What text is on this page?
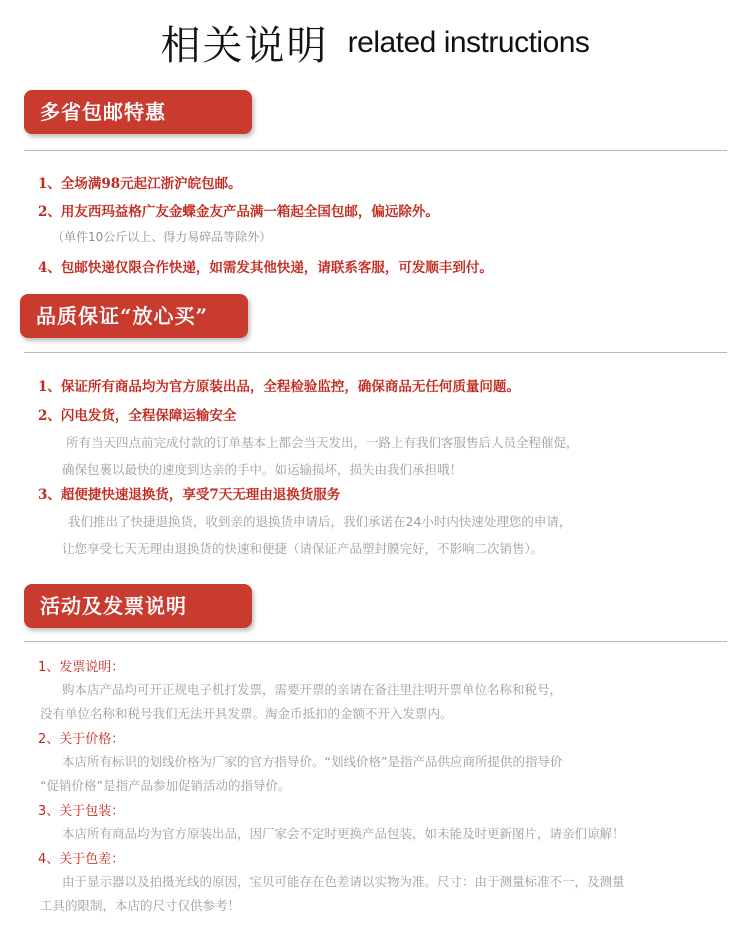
相关说明 related instructions
多省包邮特惠
1、全场满98元起江浙沪皖包邮。
2、用友西玛益格广友金蝶金友产品满一箱起全国包邮，偏远除外。
（单件10公斤以上、得力易碎品等除外）
4、包邮快递仅限合作快递，如需发其他快递，请联系客服，可发顺丰到付。
品质保证“放心买”
1、保证所有商品均为官方原装出品，全程检验监控，确保商品无任何质量问题。
2、闪电发货，全程保障运输安全
所有当天四点前完成付款的订单基本上都会当天发出，一路上有我们客服售后人员全程催促，
确保包裹以最快的速度到达亲的手中。如运输损坏，损失由我们承担哦！
3、超便捷快速退换货，享受7天无理由退换货服务
我们推出了快捷退换货，收到亲的退换货申请后，我们承诺在24小时内快速处理您的申请，
让您享受七天无理由退换货的快速和便捷（请保证产品塑封膜完好，不影响二次销售）。
活动及发票说明
1、发票说明：
购本店产品均可开正规电子机打发票，需要开票的亲请在备注里注明开票单位名称和税号，
没有单位名称和税号我们无法开具发票。淘金币抵扣的金额不开入发票内。
2、关于价格：
本店所有标识的划线价格为厂家的官方指导价。“划线价格”是指产品供应商所提供的指导价
“促销价格”是指产品参加促销活动的指导价。
3、关于包装：
本店所有商品均为官方原装出品，因厂家会不定时更换产品包装，如未能及时更新图片，请亲们谅解！
4、关于色差：
由于显示器以及拍摄光线的原因，宝贝可能存在色差请以实物为准。尺寸：由于测量标准不一，及测量
工具的限制，本店的尺寸仅供参考！
